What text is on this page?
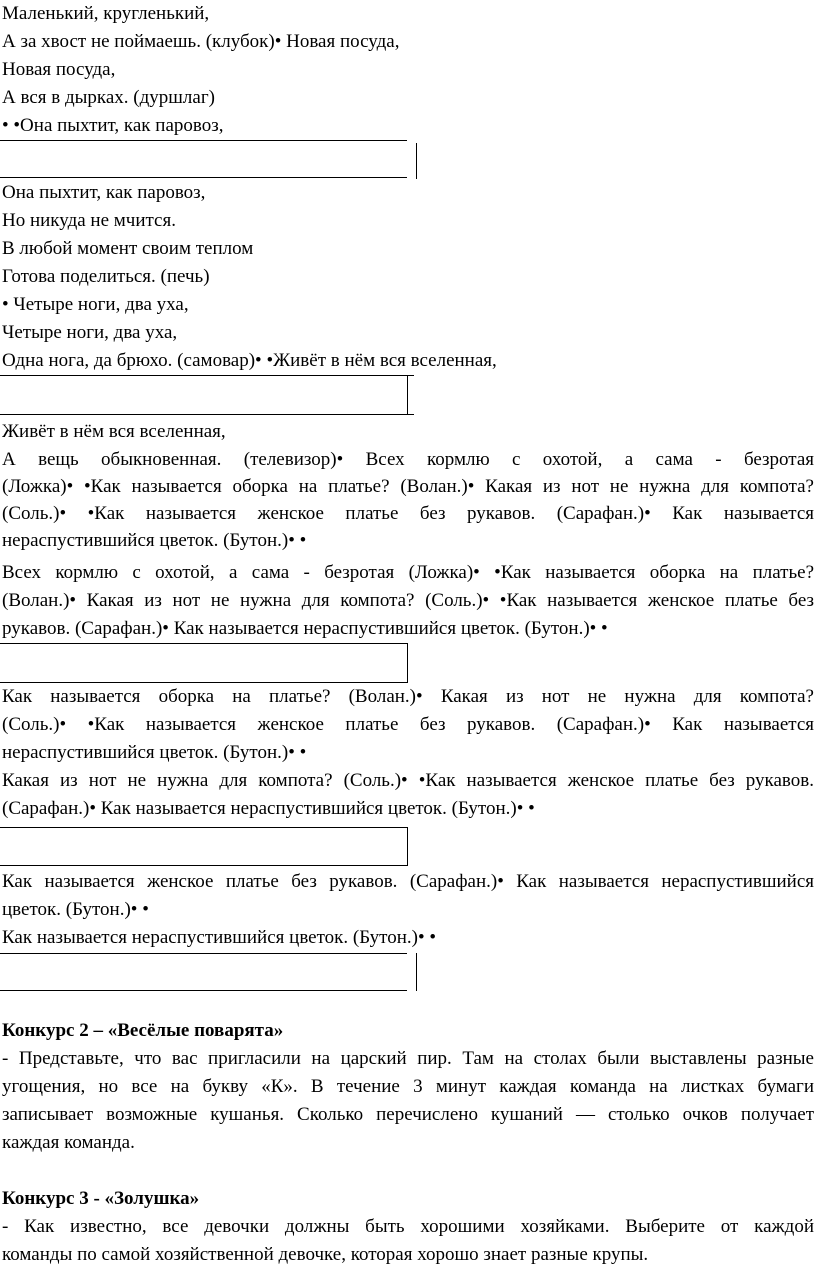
Маленький, кругленький,
А за хвост не поймаешь. (клубок)• Новая посуда,
Новая посуда,
А вся в дырках. (дуршлаг)
• •Она пыхтит, как паровоз,
Она пыхтит, как паровоз,
Но никуда не мчится.
В любой момент своим теплом
Готова поделиться. (печь)
• Четыре ноги, два уха,
Четыре ноги, два уха,
Одна нога, да брюхо. (самовар)• •Живёт в нём вся вселенная,
Живёт в нём вся вселенная,
А вещь обыкновенная. (телевизор)• Всех кормлю с охотой, а сама - безротая
(Ложка)• •Как называется оборка на платье? (Волан.)• Какая из нот не нужна для компота?
(Соль.)• •Как называется женское платье без рукавов. (Сарафан.)• Как называется
нераспустившийся цветок. (Бутон.)• •
Всех кормлю с охотой, а сама - безротая (Ложка)• •Как называется оборка на платье?
(Волан.)• Какая из нот не нужна для компота? (Соль.)• •Как называется женское платье без
рукавов. (Сарафан.)• Как называется нераспустившийся цветок. (Бутон.)• •
Как называется оборка на платье? (Волан.)• Какая из нот не нужна для компота?
(Соль.)• •Как называется женское платье без рукавов. (Сарафан.)• Как называется
нераспустившийся цветок. (Бутон.)• •
Какая из нот не нужна для компота? (Соль.)• •Как называется женское платье без рукавов.
(Сарафан.)• Как называется нераспустившийся цветок. (Бутон.)• •
Как называется женское платье без рукавов. (Сарафан.)• Как называется нераспустившийся
цветок. (Бутон.)• •
Как называется нераспустившийся цветок. (Бутон.)• •
Конкурс 2 – «Весёлые поварята»
- Представьте, что вас пригласили на царский пир. Там на столах были выставлены разные
угощения, но все на букву «К». В течение 3 минут каждая команда на листках бумаги
записывает возможные кушанья. Сколько перечислено кушаний — столько очков получает
каждая команда.
Конкурс 3 - «Золушка»
- Как известно, все девочки должны быть хорошими хозяйками. Выберите от каждой
команды по самой хозяйственной девочке, которая хорошо знает разные крупы.
